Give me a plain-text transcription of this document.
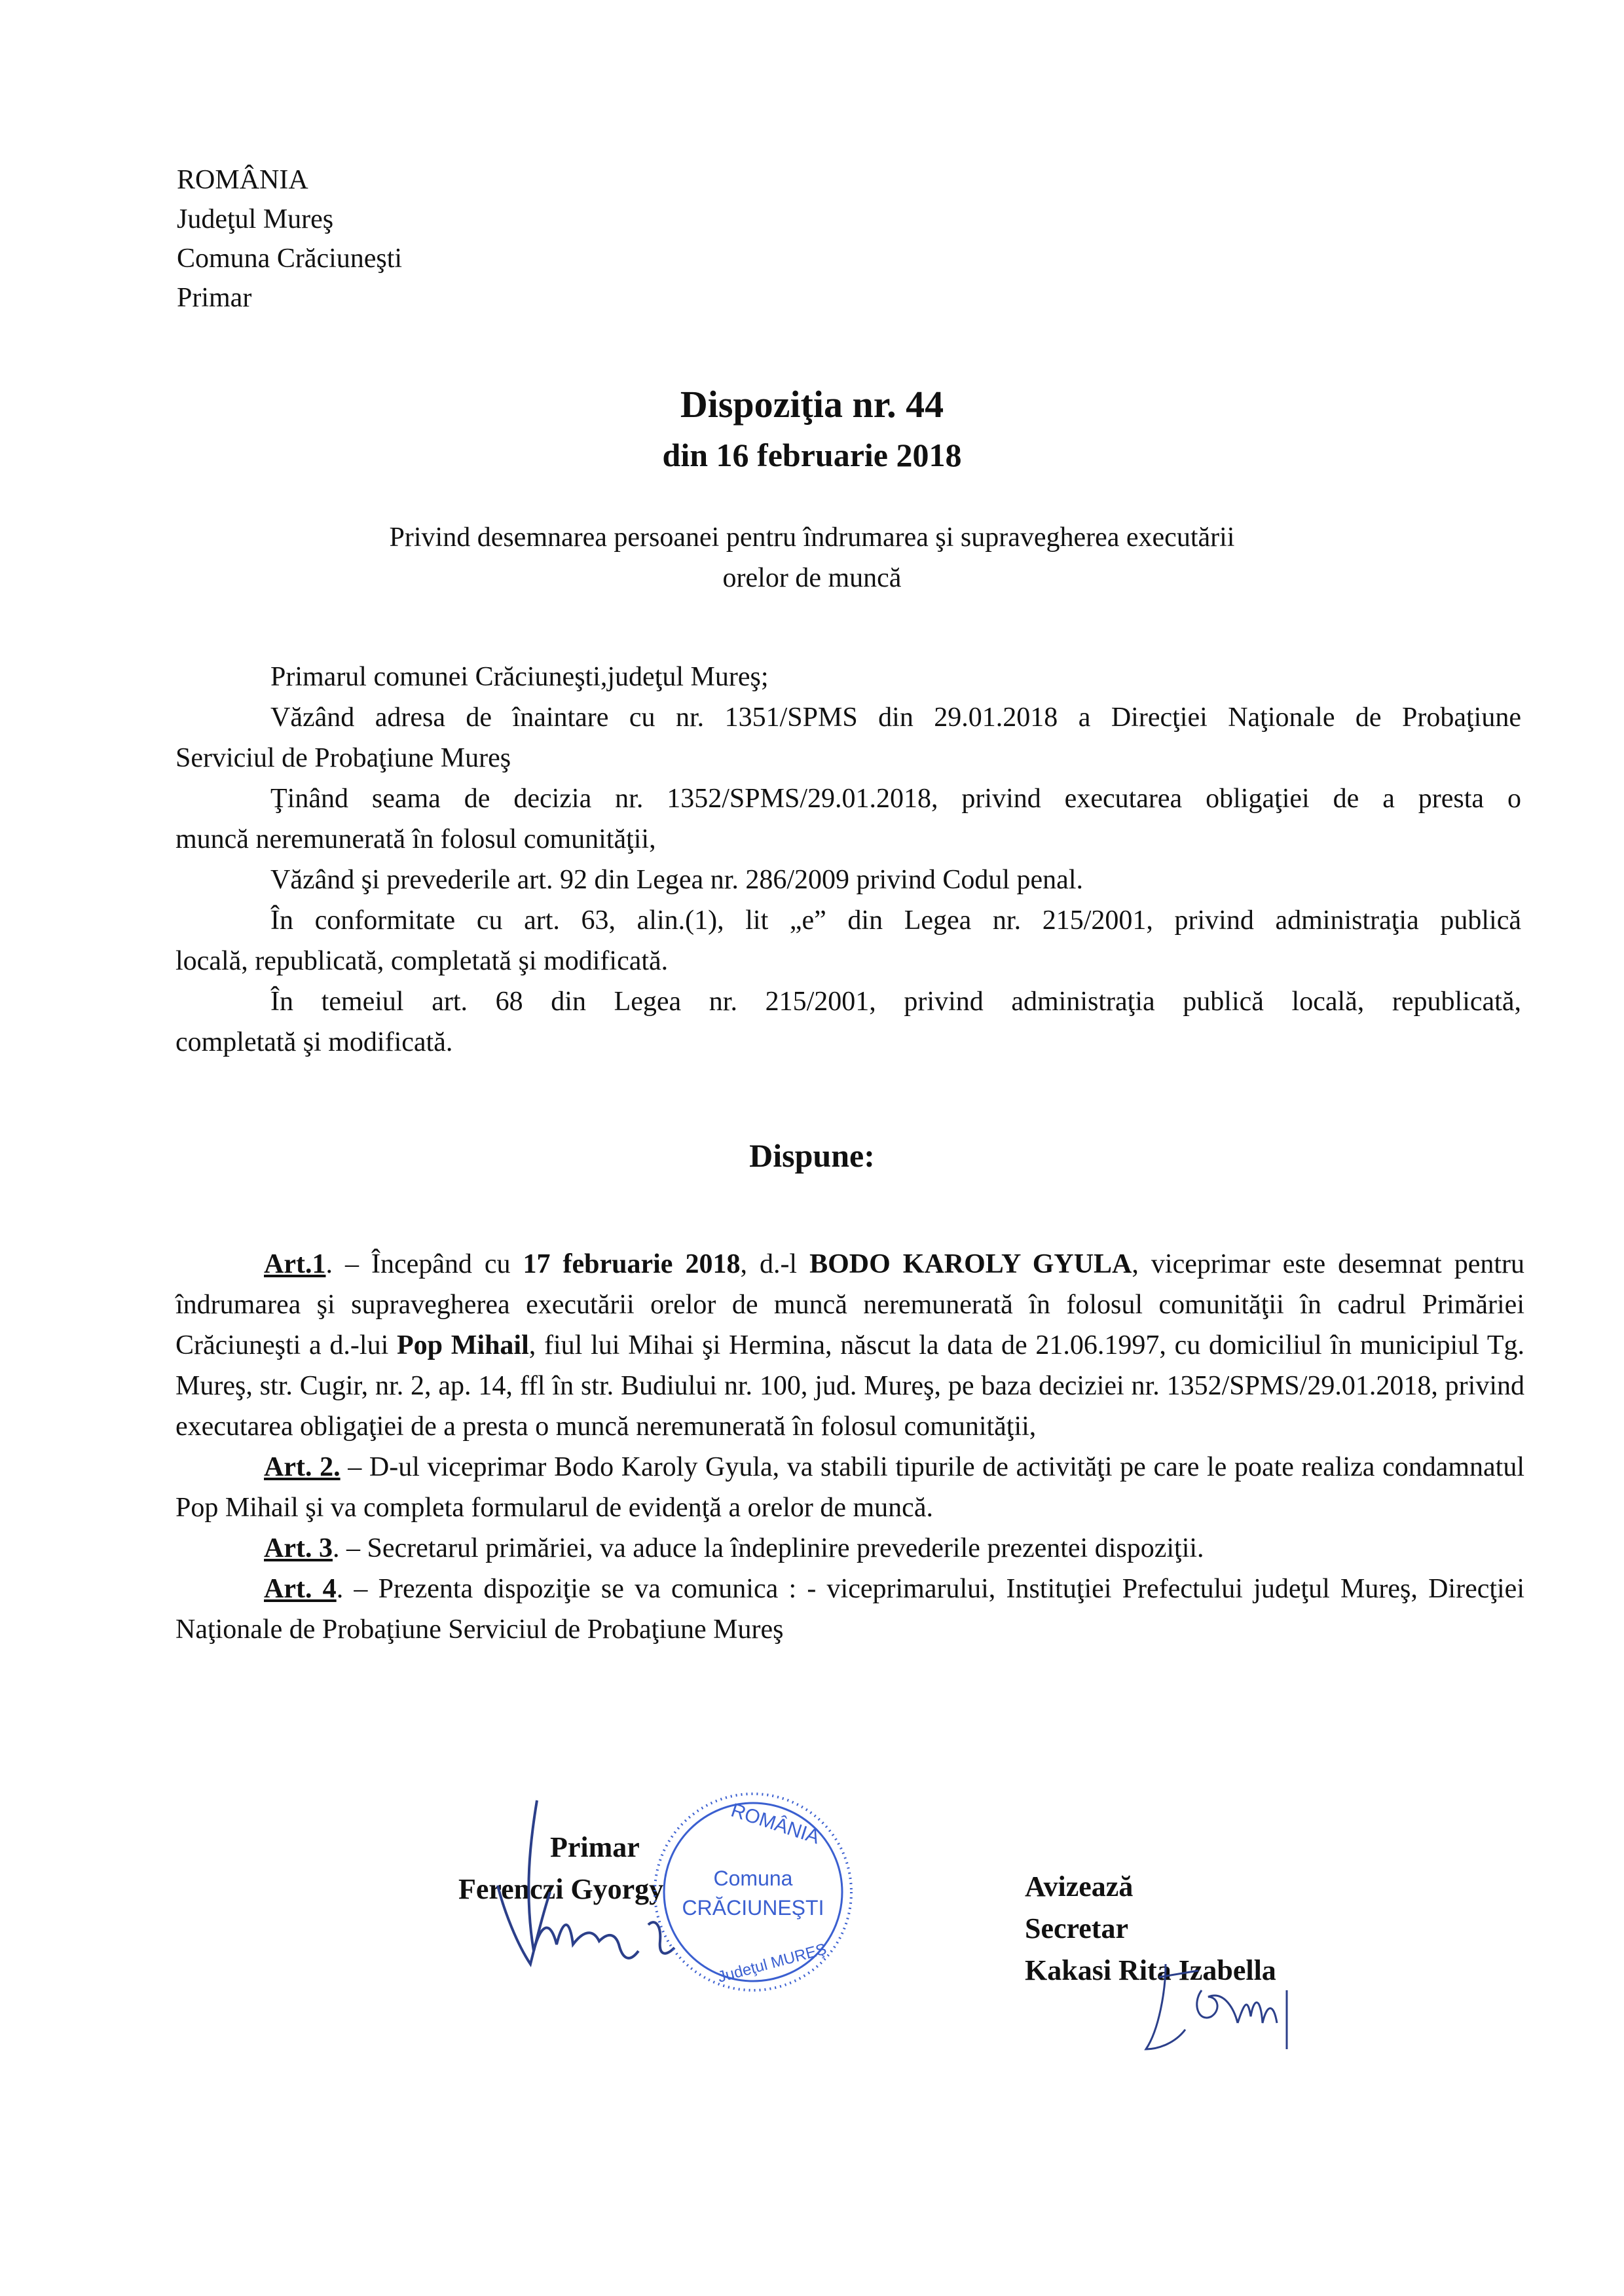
ROMÂNIA
Judeţul Mureş
Comuna Crăciuneşti
Primar
Dispoziţia nr. 44
din 16 februarie 2018
Privind desemnarea persoanei pentru îndrumarea şi supravegherea executării
orelor de muncă
Primarul comunei Crăciuneşti,judeţul Mureş;
Văzând adresa de înaintare cu nr. 1351/SPMS din 29.01.2018 a Direcţiei Naţionale de Probaţiune
Serviciul de Probaţiune Mureş
Ţinând seama de decizia nr. 1352/SPMS/29.01.2018, privind executarea obligaţiei de a presta o
muncă neremunerată în folosul comunităţii,
Văzând şi prevederile art. 92 din Legea nr. 286/2009 privind Codul penal.
În conformitate cu art. 63, alin.(1), lit „e” din Legea nr. 215/2001, privind administraţia publică
locală, republicată, completată şi modificată.
În temeiul art. 68 din Legea nr. 215/2001, privind administraţia publică locală, republicată,
completată şi modificată.
Dispune:
Art.1. – Începând cu 17 februarie 2018, d.-l BODO KAROLY GYULA, viceprimar este desemnat pentru îndrumarea şi supravegherea executării orelor de muncă neremunerată în folosul comunităţii în cadrul Primăriei Crăciuneşti a d.-lui Pop Mihail, fiul lui Mihai şi Hermina, născut la data de 21.06.1997, cu domiciliul în municipiul Tg. Mureş, str. Cugir, nr. 2, ap. 14, ffl în str. Budiului nr. 100, jud. Mureş, pe baza deciziei nr. 1352/SPMS/29.01.2018, privind executarea obligaţiei de a presta o muncă neremunerată în folosul comunităţii,
Art. 2. – D-ul viceprimar Bodo Karoly Gyula, va stabili tipurile de activităţi pe care le poate realiza condamnatul Pop Mihail şi va completa formularul de evidenţă a orelor de muncă.
Art. 3. – Secretarul primăriei, va aduce la îndeplinire prevederile prezentei dispoziţii.
Art. 4. – Prezenta dispoziţie se va comunica : - viceprimarului, Instituţiei Prefectului judeţul Mureş, Direcţiei Naţionale de Probaţiune Serviciul de Probaţiune Mureş
Primar
Ferenczi Gyorgy
ROMÂNIA
Comuna
CRĂCIUNEŞTI
Judeţul MUREŞ
Avizează
Secretar
Kakasi Rita Izabella
